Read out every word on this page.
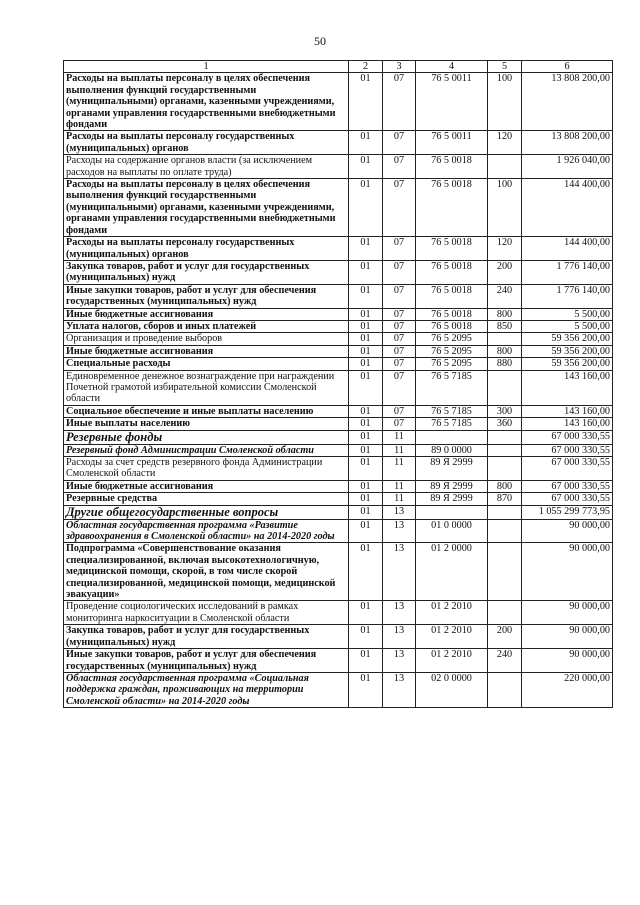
50
1	2	3	4	5	6
Расходы на выплаты персоналу в целях обеспечения выполнения функций государственными (муниципальными) органами, казенными учреждениями, органами управления государственными внебюджетными фондами	01	07	76 5 0011	100	13 808 200,00
Расходы на выплаты персоналу государственных (муниципальных) органов	01	07	76 5 0011	120	13 808 200,00
Расходы на содержание органов власти (за исключением расходов на выплаты по оплате труда)	01	07	76 5 0018		1 926 040,00
Расходы на выплаты персоналу в целях обеспечения выполнения функций государственными (муниципальными) органами, казенными учреждениями, органами управления государственными внебюджетными фондами	01	07	76 5 0018	100	144 400,00
Расходы на выплаты персоналу государственных (муниципальных) органов	01	07	76 5 0018	120	144 400,00
Закупка товаров, работ и услуг для государственных (муниципальных) нужд	01	07	76 5 0018	200	1 776 140,00
Иные закупки товаров, работ и услуг для обеспечения государственных (муниципальных) нужд	01	07	76 5 0018	240	1 776 140,00
Иные бюджетные ассигнования	01	07	76 5 0018	800	5 500,00
Уплата налогов, сборов и иных платежей	01	07	76 5 0018	850	5 500,00
Организация и проведение выборов	01	07	76 5 2095		59 356 200,00
Иные бюджетные ассигнования	01	07	76 5 2095	800	59 356 200,00
Специальные расходы	01	07	76 5 2095	880	59 356 200,00
Единовременное денежное вознаграждение при награждении Почетной грамотой избирательной комиссии Смоленской области	01	07	76 5 7185		143 160,00
Социальное обеспечение и иные выплаты населению	01	07	76 5 7185	300	143 160,00
Иные выплаты населению	01	07	76 5 7185	360	143 160,00
Резервные фонды	01	11			67 000 330,55
Резервный фонд Администрации Смоленской области	01	11	89 0 0000		67 000 330,55
Расходы за счет средств резервного фонда Администрации Смоленской области	01	11	89 Я 2999		67 000 330,55
Иные бюджетные ассигнования	01	11	89 Я 2999	800	67 000 330,55
Резервные средства	01	11	89 Я 2999	870	67 000 330,55
Другие общегосударственные вопросы	01	13			1 055 299 773,95
Областная государственная программа «Развитие здравоохранения в Смоленской области» на 2014-2020 годы	01	13	01 0 0000		90 000,00
Подпрограмма «Совершенствование оказания специализированной, включая высокотехнологичную, медицинской помощи, скорой, в том числе скорой специализированной, медицинской помощи, медицинской эвакуации»	01	13	01 2 0000		90 000,00
Проведение социологических исследований в рамках мониторинга наркоситуации в Смоленской области	01	13	01 2 2010		90 000,00
Закупка товаров, работ и услуг для государственных (муниципальных) нужд	01	13	01 2 2010	200	90 000,00
Иные закупки товаров, работ и услуг для обеспечения государственных (муниципальных) нужд	01	13	01 2 2010	240	90 000,00
Областная государственная программа «Социальная поддержка граждан, проживающих на территории Смоленской области» на 2014-2020 годы	01	13	02 0 0000		220 000,00
